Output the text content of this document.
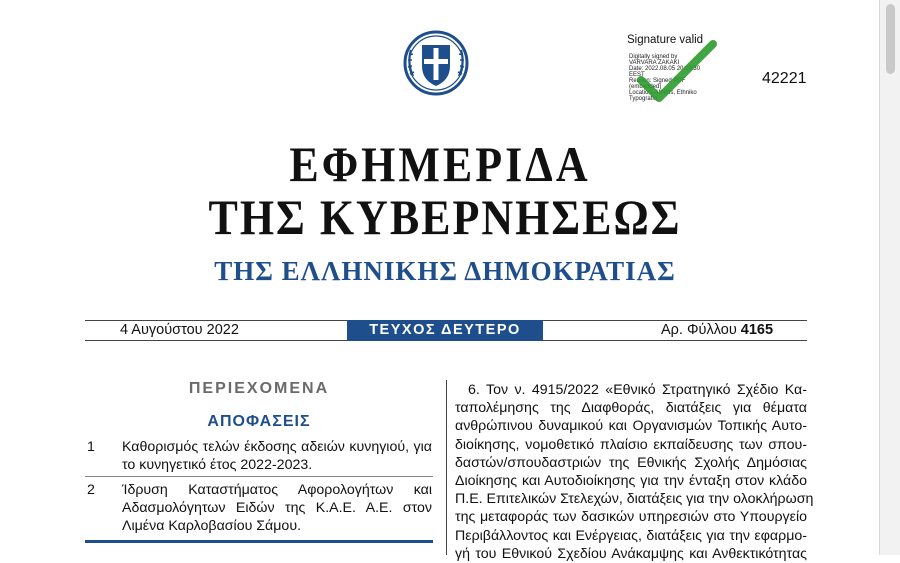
Signature valid
Digitally signed by
VARVARA ZAKAKI
Date: 2022.08.05 20:20:30
EEST
Reason: Signed PDF
(embedded)
Location: Athens, Ethniko
Typografio
42221
ΕΦΗΜΕΡΙΔΑ
ΤΗΣ ΚΥΒΕΡΝΗΣΕΩΣ
ΤΗΣ ΕΛΛΗΝΙΚΗΣ ΔΗΜΟΚΡΑΤΙΑΣ
4 Αυγούστου 2022	ΤΕΥΧΟΣ ΔΕΥΤΕΡΟ	Αρ. Φύλλου 4165
ΠΕΡΙΕΧΟΜΕΝΑ
ΑΠΟΦΑΣΕΙΣ
1 Καθορισμός τελών έκδοσης αδειών κυνηγιού, για το κυνηγετικό έτος 2022-2023.
2 Ίδρυση Καταστήματος Αφορολογήτων και Αδασμολόγητων Ειδών της Κ.Α.Ε. Α.Ε. στον Λιμένα Καρλοβασίου Σάμου.
6. Τον ν. 4915/2022 «Εθνικό Στρατηγικό Σχέδιο Κα-
ταπολέμησης της Διαφθοράς, διατάξεις για θέματα
ανθρώπινου δυναμικού και Οργανισμών Τοπικής Αυτο-
διοίκησης, νομοθετικό πλαίσιο εκπαίδευσης των σπου-
δαστών/σπουδαστριών της Εθνικής Σχολής Δημόσιας
Διοίκησης και Αυτοδιοίκησης για την ένταξη στον κλάδο
Π.Ε. Επιτελικών Στελεχών, διατάξεις για την ολοκλήρωση
της μεταφοράς των δασικών υπηρεσιών στο Υπουργείο
Περιβάλλοντος και Ενέργειας, διατάξεις για την εφαρμο-
γή του Εθνικού Σχεδίου Ανάκαμψης και Ανθεκτικότητας
